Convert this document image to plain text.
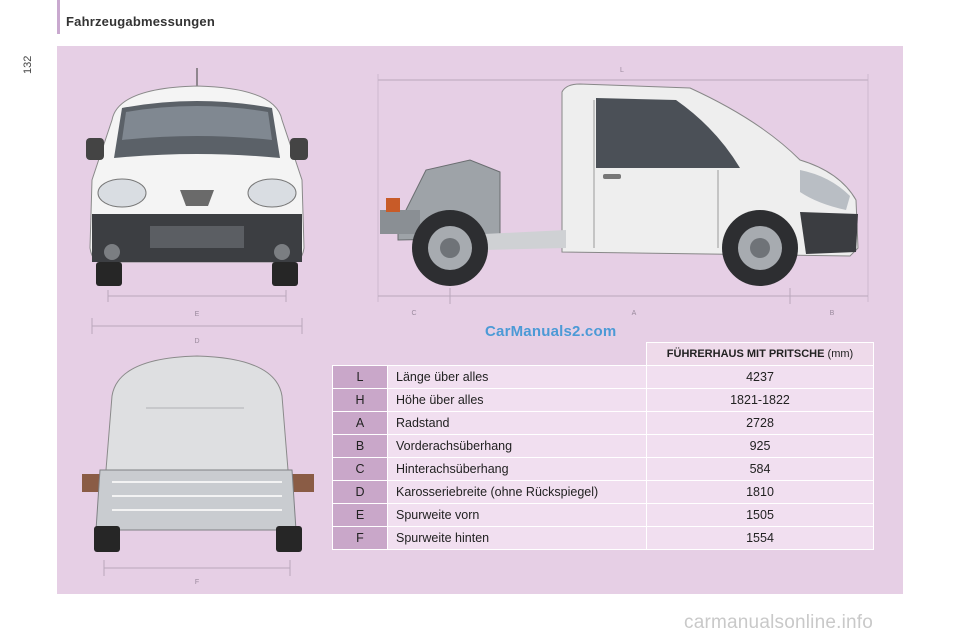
Fahrzeugabmessungen
132
E
D
L
C	A	B
F
CarManuals2.com
		FÜHRERHAUS MIT PRITSCHE (mm)
L	Länge über alles	4237
H	Höhe über alles	1821-1822
A	Radstand	2728
B	Vorderachsüberhang	925
C	Hinterachsüberhang	584
D	Karosseriebreite (ohne Rückspiegel)	1810
E	Spurweite vorn	1505
F	Spurweite hinten	1554
carmanualsonline.info
